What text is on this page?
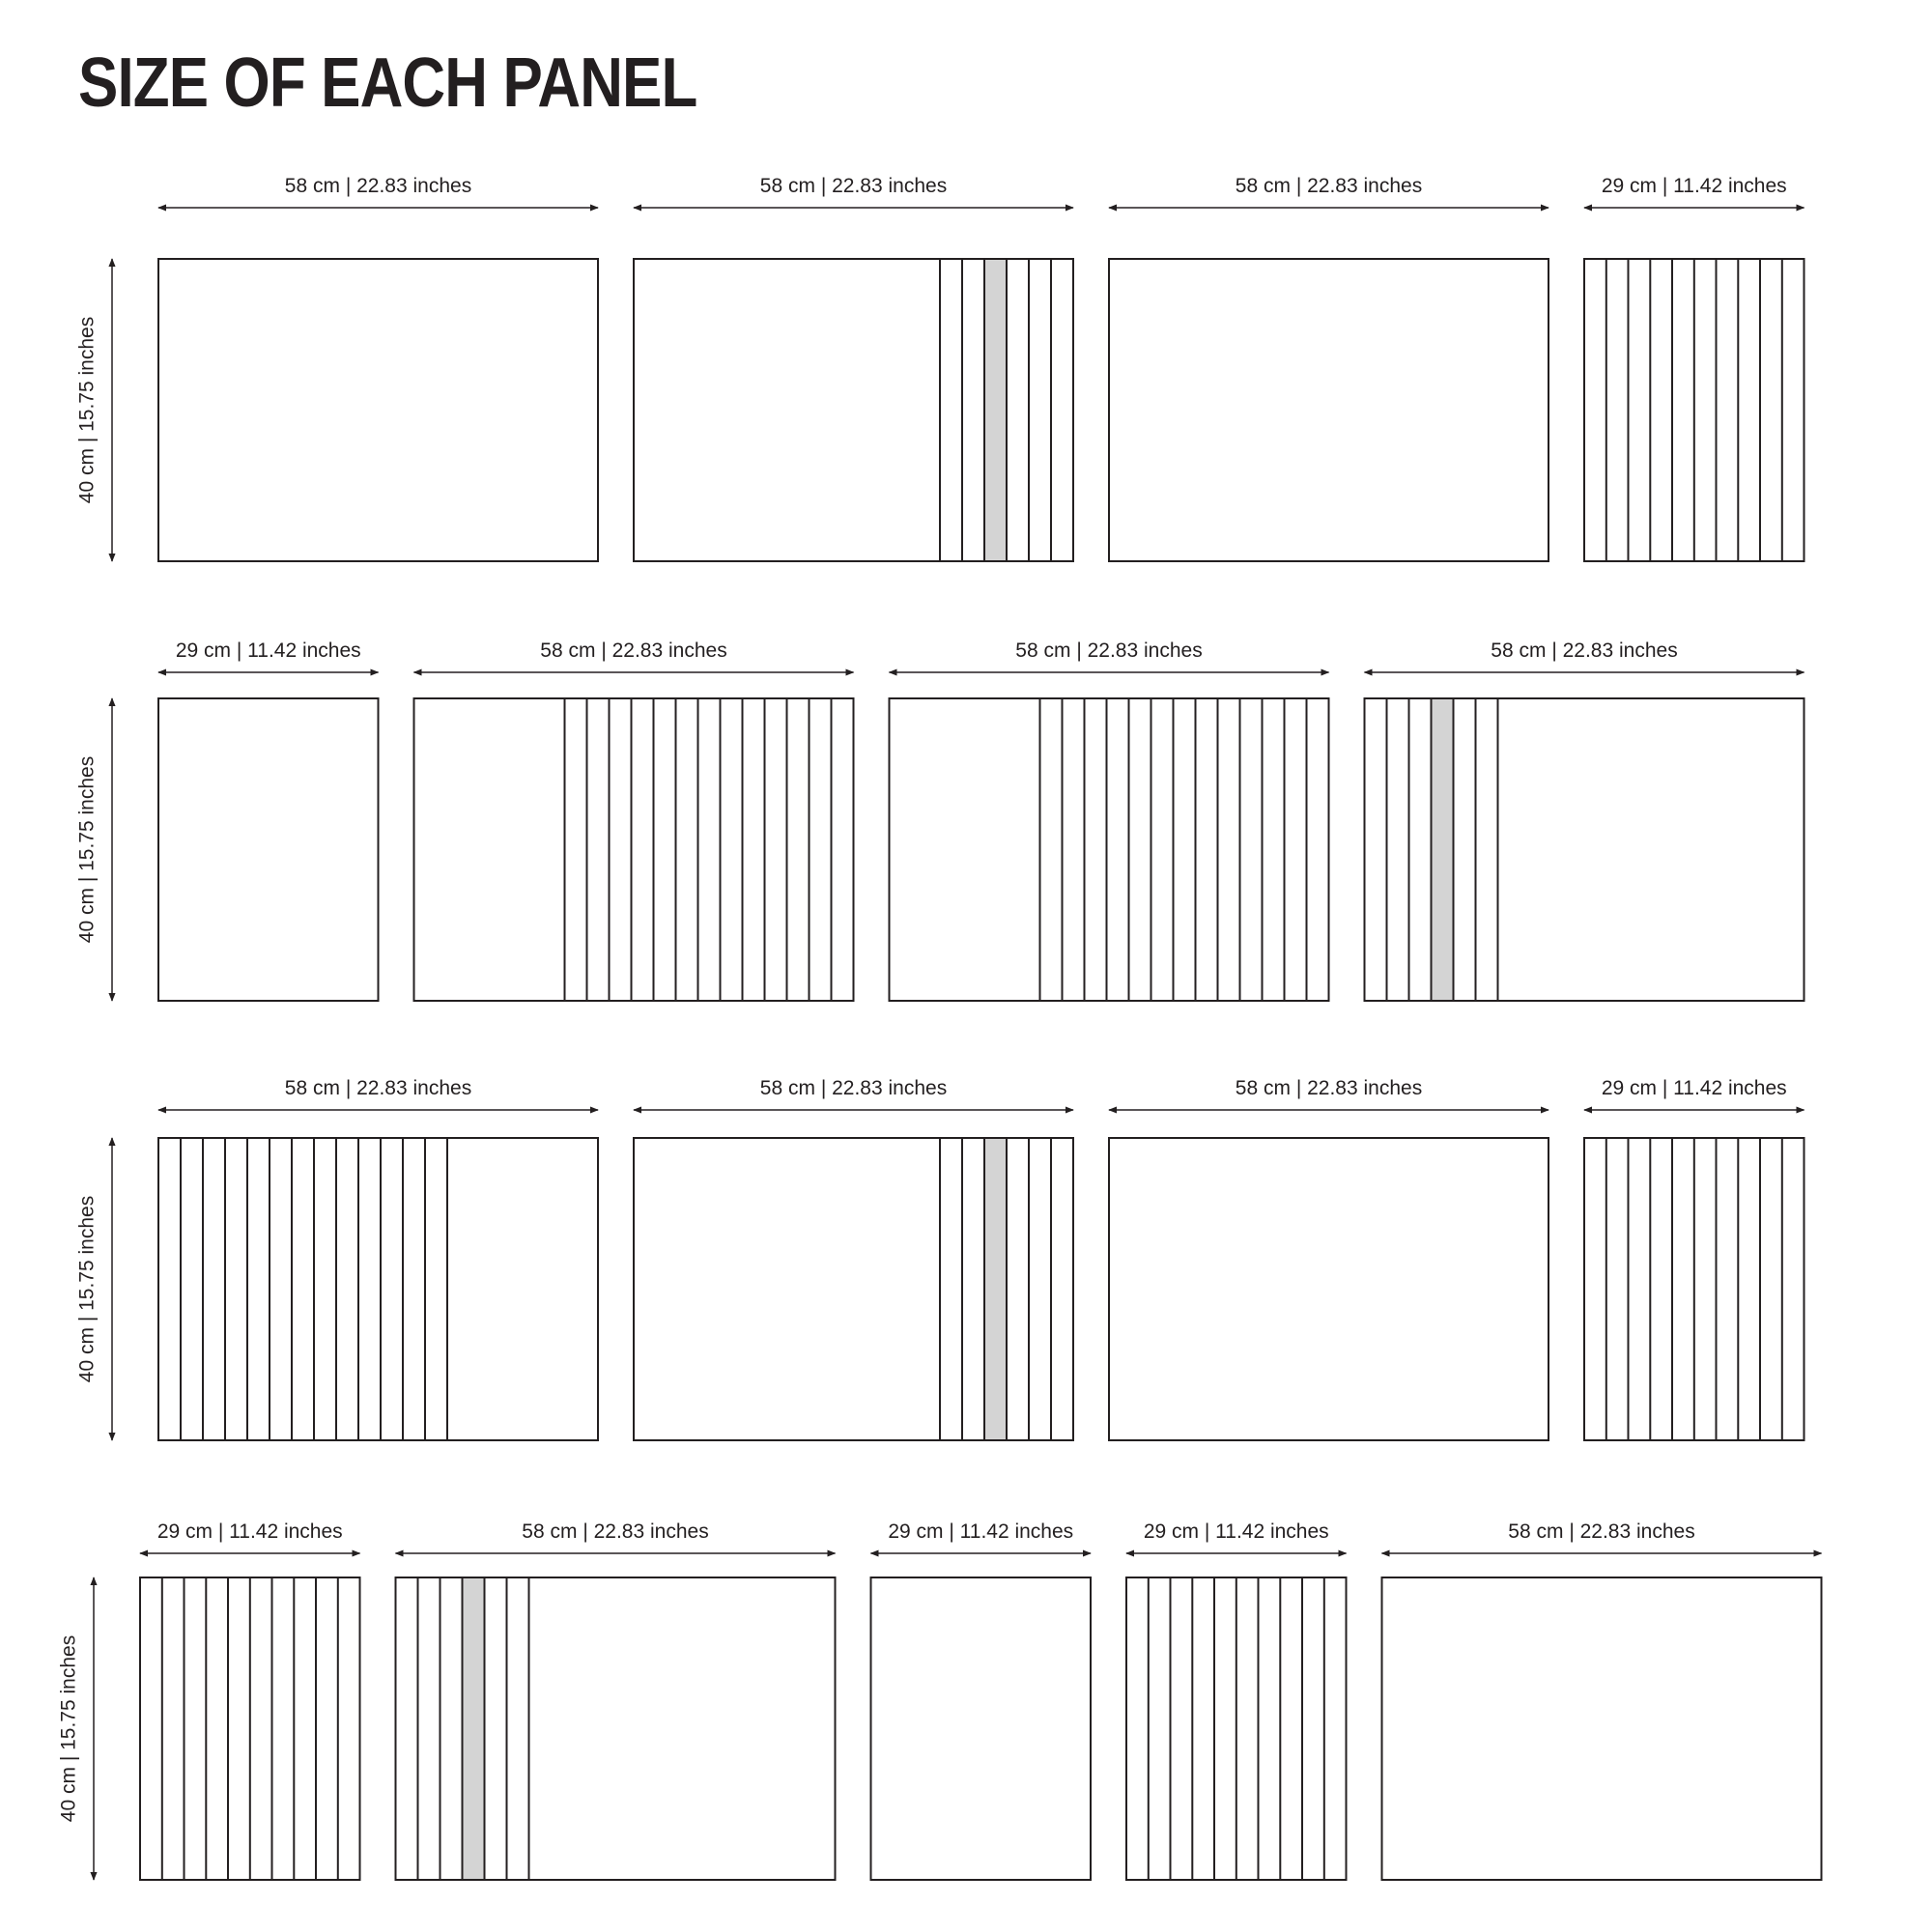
SIZE OF EACH PANEL
40 cm | 15.75 inches
58 cm | 22.83 inches	58 cm | 22.83 inches	58 cm | 22.83 inches	29 cm | 11.42 inches
40 cm | 15.75 inches
29 cm | 11.42 inches	58 cm | 22.83 inches	58 cm | 22.83 inches	58 cm | 22.83 inches
40 cm | 15.75 inches
58 cm | 22.83 inches	58 cm | 22.83 inches	58 cm | 22.83 inches	29 cm | 11.42 inches
40 cm | 15.75 inches
29 cm | 11.42 inches	58 cm | 22.83 inches	29 cm | 11.42 inches	29 cm | 11.42 inches	58 cm | 22.83 inches
